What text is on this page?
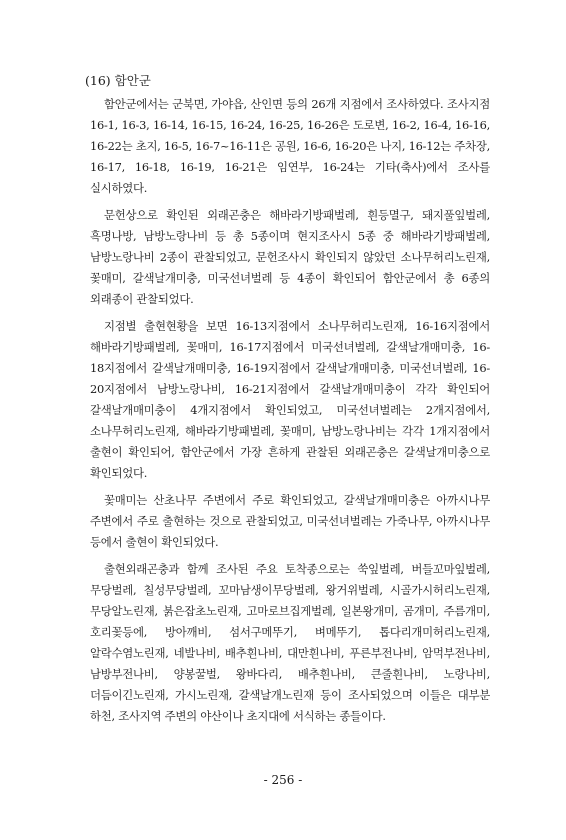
(16) 함안군

함안군에서는 군북면, 가야읍, 산인면 등의 26개 지점에서 조사하였다. 조사지점 16-1, 16-3, 16-14, 16-15, 16-24, 16-25, 16-26은 도로변, 16-2, 16-4, 16-16, 16-22는 초지, 16-5, 16-7~16-11은 공원, 16-6, 16-20은 나지, 16-12는 주차장, 16-17, 16-18, 16-19, 16-21은 임연부, 16-24는 기타(축사)에서 조사를 실시하였다.

문헌상으로 확인된 외래곤충은 해바라기방패벌레, 흰등멸구, 돼지풀잎벌레, 흑명나방, 남방노랑나비 등 총 5종이며 현지조사시 5종 중 해바라기방패벌레, 남방노랑나비 2종이 관찰되었고, 문헌조사시 확인되지 않았던 소나무허리노린재, 꽃매미, 갈색날개미충, 미국선녀벌레 등 4종이 확인되어 함안군에서 총 6종의 외래종이 관찰되었다.

지점별 출현현황을 보면 16-13지점에서 소나무허리노린재, 16-16지점에서 해바라기방패벌레, 꽃매미, 16-17지점에서 미국선녀벌레, 갈색날개매미충, 16-18지점에서 갈색날개매미충, 16-19지점에서 갈색날개매미충, 미국선녀벌레, 16-20지점에서 남방노랑나비, 16-21지점에서 갈색날개매미충이 각각 확인되어 갈색날개매미충이 4개지점에서 확인되었고, 미국선녀벌레는 2개지점에서, 소나무허리노린재, 해바라기방패벌레, 꽃매미, 남방노랑나비는 각각 1개지점에서 출현이 확인되어, 함안군에서 가장 흔하게 관찰된 외래곤충은 갈색날개미충으로 확인되었다.

꽃매미는 산초나무 주변에서 주로 확인되었고, 갈색날개매미충은 아까시나무 주변에서 주로 출현하는 것으로 관찰되었고, 미국선녀벌레는 가죽나무, 아까시나무 등에서 출현이 확인되었다.

출현외래곤충과 함께 조사된 주요 토착종으로는 쑥잎벌레, 버들꼬마잎벌레, 무당벌레, 칠성무당벌레, 꼬마남생이무당벌레, 왕거위벌레, 시골가시허리노린재, 무당알노린재, 붉은잡초노린재, 고마로브집게벌레, 일본왕개미, 곰개미, 주름개미, 호리꽃등에, 방아깨비, 섬서구메뚜기, 벼메뚜기, 톱다리개미허리노린재, 알락수염노린재, 네발나비, 배추흰나비, 대만흰나비, 푸른부전나비, 암먹부전나비, 남방부전나비, 양봉꿀벌, 왕바다리, 배추흰나비, 큰줄흰나비, 노랑나비, 더듬이긴노린재, 가시노린재, 갈색날개노린재 등이 조사되었으며 이들은 대부분 하천, 조사지역 주변의 야산이나 초지대에 서식하는 종들이다.

- 256 -
